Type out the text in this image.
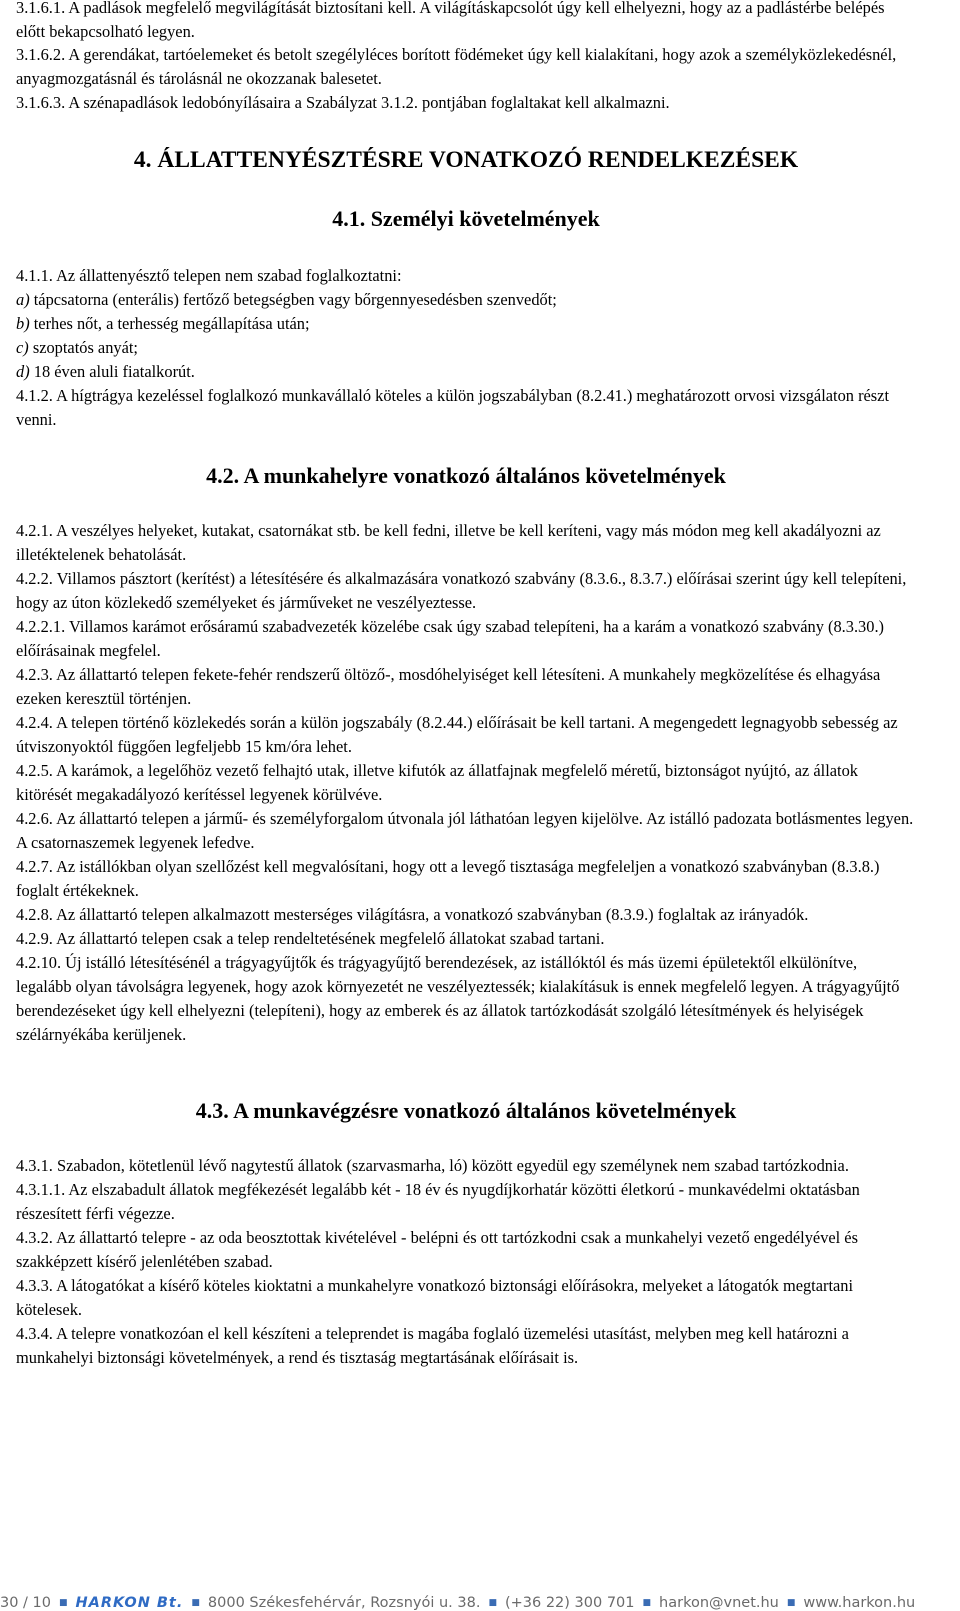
3.1.6.1. A padlások megfelelő megvilágítását biztosítani kell. A világításkapcsolót úgy kell elhelyezni, hogy az a padlástérbe belépés előtt bekapcsolható legyen.

3.1.6.2. A gerendákat, tartóelemeket és betolt szegélyléces borított födémeket úgy kell kialakítani, hogy azok a személyközlekedésnél, anyagmozgatásnál és tárolásnál ne okozzanak balesetet.

3.1.6.3. A szénapadlások ledobónyílásaira a Szabályzat 3.1.2. pontjában foglaltakat kell alkalmazni.

4. ÁLLATTENYÉSZTÉSRE VONATKOZÓ RENDELKEZÉSEK
4.1. Személyi követelmények

4.1.1. Az állattenyésztő telepen nem szabad foglalkoztatni:

a) tápcsatorna (enterális) fertőző betegségben vagy bőrgennyesedésben szenvedőt;

b) terhes nőt, a terhesség megállapítása után;

c) szoptatós anyát;

d) 18 éven aluli fiatalkorút.

4.1.2. A hígtrágya kezeléssel foglalkozó munkavállaló köteles a külön jogszabályban (8.2.41.) meghatározott orvosi vizsgálaton részt venni.

4.2. A munkahelyre vonatkozó általános követelmények

4.2.1. A veszélyes helyeket, kutakat, csatornákat stb. be kell fedni, illetve be kell keríteni, vagy más módon meg kell akadályozni az illetéktelenek behatolását.

4.2.2. Villamos pásztort (kerítést) a létesítésére és alkalmazására vonatkozó szabvány (8.3.6., 8.3.7.) előírásai szerint úgy kell telepíteni, hogy az úton közlekedő személyeket és járműveket ne veszélyeztesse.

4.2.2.1. Villamos karámot erősáramú szabadvezeték közelébe csak úgy szabad telepíteni, ha a karám a vonatkozó szabvány (8.3.30.) előírásainak megfelel.

4.2.3. Az állattartó telepen fekete-fehér rendszerű öltöző-, mosdóhelyiséget kell létesíteni. A munkahely megközelítése és elhagyása ezeken keresztül történjen.

4.2.4. A telepen történő közlekedés során a külön jogszabály (8.2.44.) előírásait be kell tartani. A megengedett legnagyobb sebesség az útviszonyoktól függően legfeljebb 15 km/óra lehet.

4.2.5. A karámok, a legelőhöz vezető felhajtó utak, illetve kifutók az állatfajnak megfelelő méretű, biztonságot nyújtó, az állatok kitörését megakadályozó kerítéssel legyenek körülvéve.

4.2.6. Az állattartó telepen a jármű- és személyforgalom útvonala jól láthatóan legyen kijelölve. Az istálló padozata botlásmentes legyen. A csatornaszemek legyenek lefedve.

4.2.7. Az istállókban olyan szellőzést kell megvalósítani, hogy ott a levegő tisztasága megfeleljen a vonatkozó szabványban (8.3.8.) foglalt értékeknek.

4.2.8. Az állattartó telepen alkalmazott mesterséges világításra, a vonatkozó szabványban (8.3.9.) foglaltak az irányadók.

4.2.9. Az állattartó telepen csak a telep rendeltetésének megfelelő állatokat szabad tartani.

4.2.10. Új istálló létesítésénél a trágyagyűjtők és trágyagyűjtő berendezések, az istállóktól és más üzemi épületektől elkülönítve, legalább olyan távolságra legyenek, hogy azok környezetét ne veszélyeztessék; kialakításuk is ennek megfelelő legyen. A trágyagyűjtő berendezéseket úgy kell elhelyezni (telepíteni), hogy az emberek és az állatok tartózkodását szolgáló létesítmények és helyiségek szélárnyékába kerüljenek.

4.3. A munkavégzésre vonatkozó általános követelmények

4.3.1. Szabadon, kötetlenül lévő nagytestű állatok (szarvasmarha, ló) között egyedül egy személynek nem szabad tartózkodnia.

4.3.1.1. Az elszabadult állatok megfékezését legalább két - 18 év és nyugdíjkorhatár közötti életkorú - munkavédelmi oktatásban részesített férfi végezze.

4.3.2. Az állattartó telepre - az oda beosztottak kivételével - belépni és ott tartózkodni csak a munkahelyi vezető engedélyével és szakképzett kísérő jelenlétében szabad.

4.3.3. A látogatókat a kísérő köteles kioktatni a munkahelyre vonatkozó biztonsági előírásokra, melyeket a látogatók megtartani kötelesek.

4.3.4. A telepre vonatkozóan el kell készíteni a teleprendet is magába foglaló üzemelési utasítást, melyben meg kell határozni a munkahelyi biztonsági követelmények, a rend és tisztaság megtartásának előírásait is.

30 / 10 ■ HARKON Bt. ■ 8000 Székesfehérvár, Rozsnyói u. 38. ■ (+36 22) 300 701 ■ harkon@vnet.hu ■ www.harkon.hu
